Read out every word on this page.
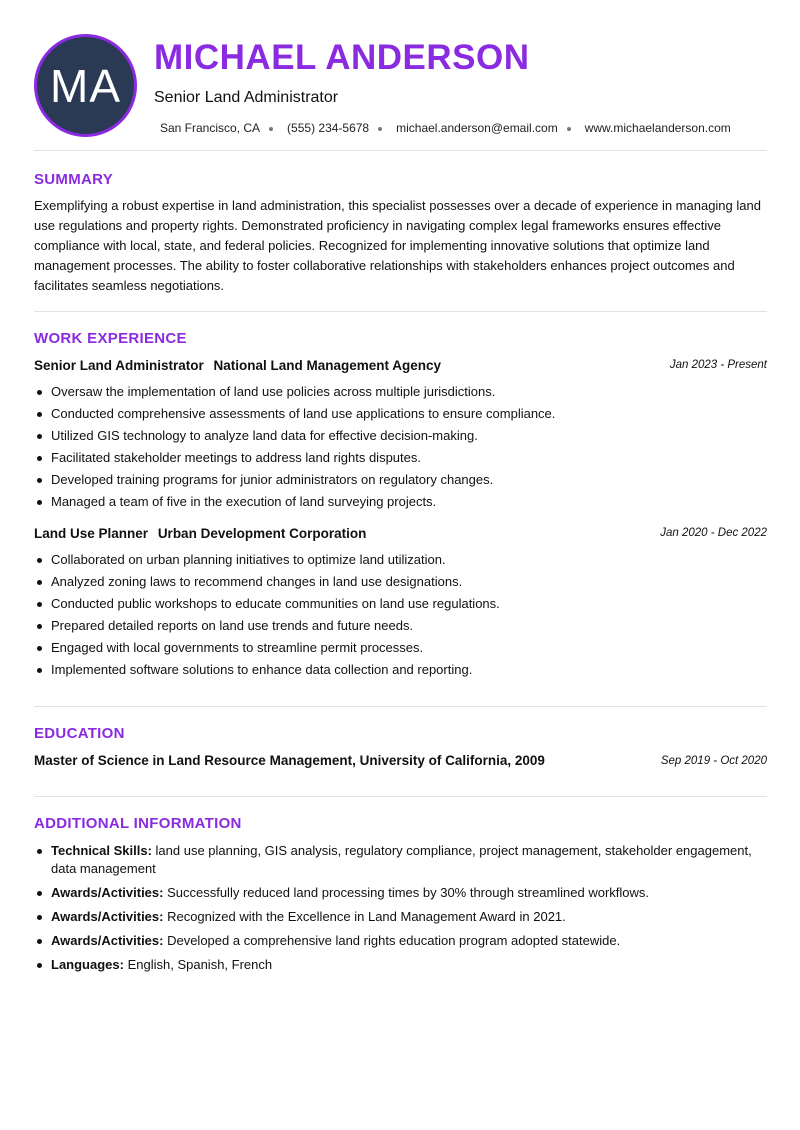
MA
MICHAEL ANDERSON
Senior Land Administrator
San Francisco, CA (555) 234-5678 michael.anderson@email.com www.michaelanderson.com
SUMMARY

Exemplifying a robust expertise in land administration, this specialist possesses over a decade of experience in managing land use regulations and property rights. Demonstrated proficiency in navigating complex legal frameworks ensures effective compliance with local, state, and federal policies. Recognized for implementing innovative solutions that optimize land management processes. The ability to foster collaborative relationships with stakeholders enhances project outcomes and facilitates seamless negotiations.

WORK EXPERIENCE
Senior Land Administrator National Land Management Agency	Jan 2023 - Present
Oversaw the implementation of land use policies across multiple jurisdictions.
Conducted comprehensive assessments of land use applications to ensure compliance.
Utilized GIS technology to analyze land data for effective decision-making.
Facilitated stakeholder meetings to address land rights disputes.
Developed training programs for junior administrators on regulatory changes.
Managed a team of five in the execution of land surveying projects.
Land Use Planner Urban Development Corporation	Jan 2020 - Dec 2022
Collaborated on urban planning initiatives to optimize land utilization.
Analyzed zoning laws to recommend changes in land use designations.
Conducted public workshops to educate communities on land use regulations.
Prepared detailed reports on land use trends and future needs.
Engaged with local governments to streamline permit processes.
Implemented software solutions to enhance data collection and reporting.
EDUCATION
Master of Science in Land Resource Management, University of California, 2009	Sep 2019 - Oct 2020
ADDITIONAL INFORMATION
Technical Skills: land use planning, GIS analysis, regulatory compliance, project management, stakeholder engagement, data management
Awards/Activities: Successfully reduced land processing times by 30% through streamlined workflows.
Awards/Activities: Recognized with the Excellence in Land Management Award in 2021.
Awards/Activities: Developed a comprehensive land rights education program adopted statewide.
Languages: English, Spanish, French
